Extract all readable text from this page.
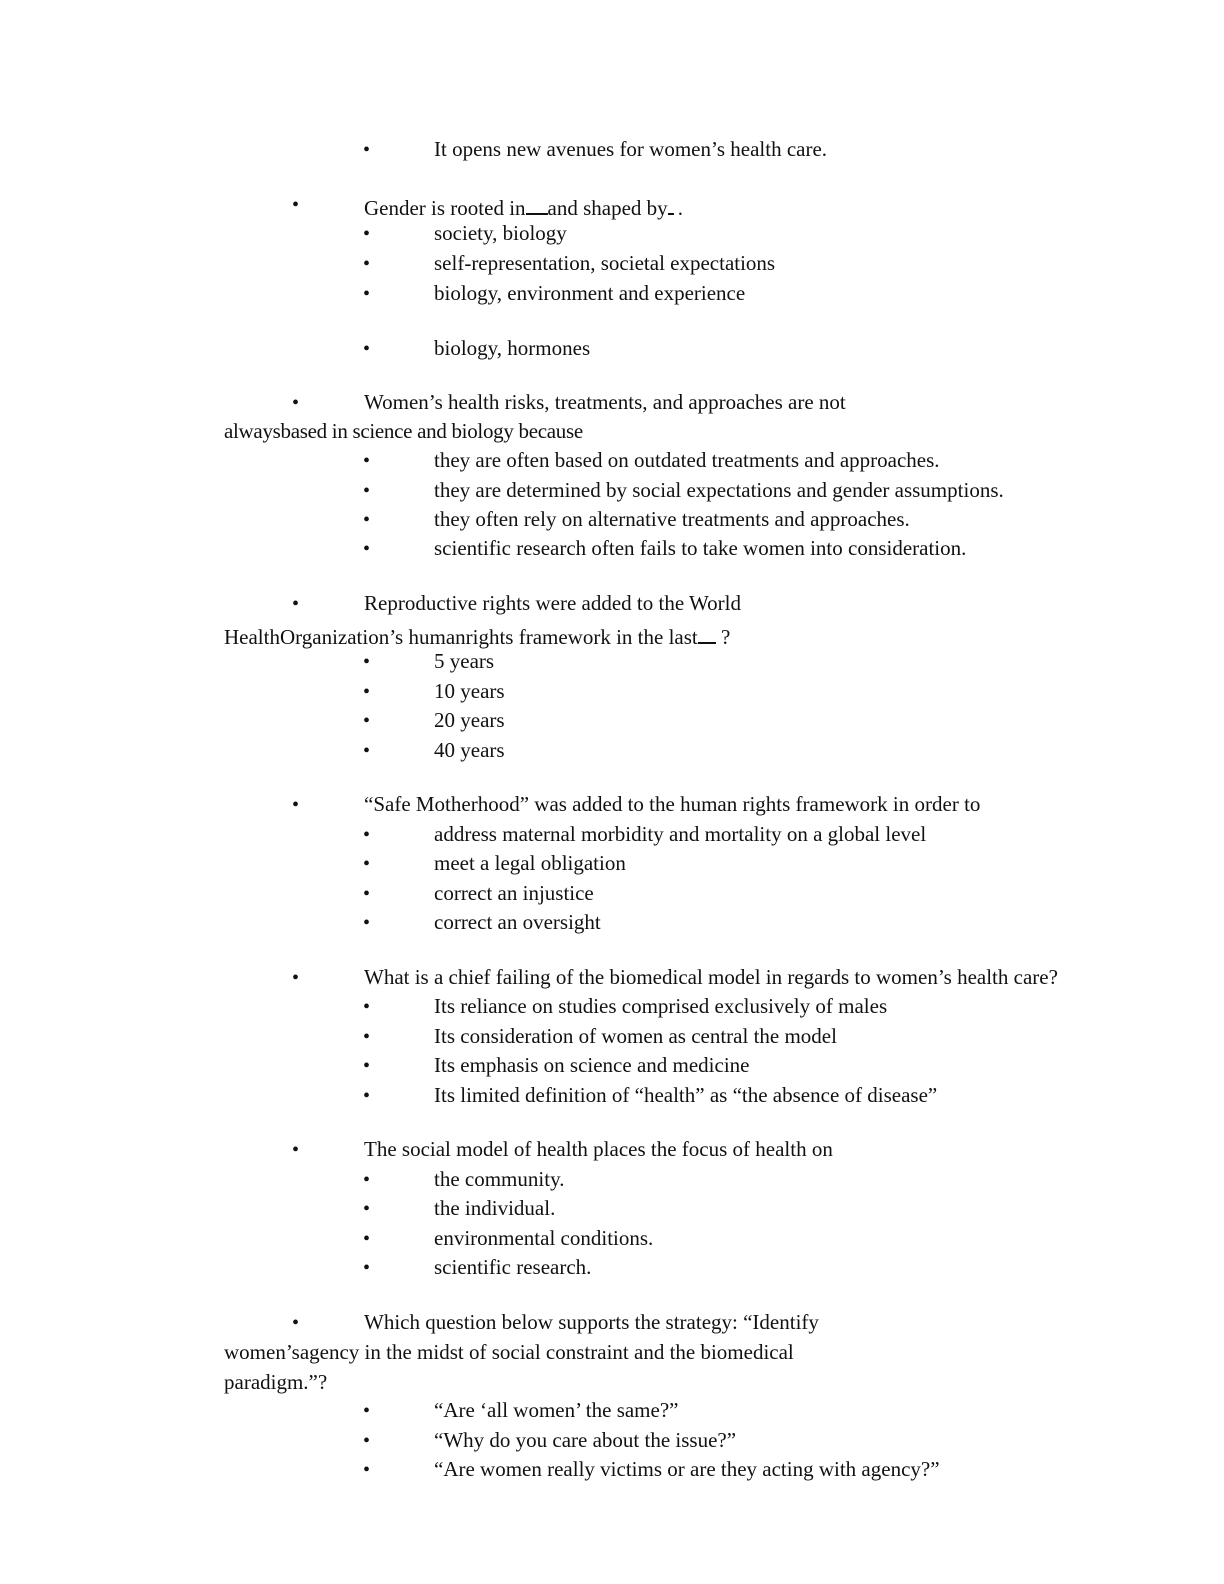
•	It opens new avenues for women’s health care.
•	Gender is rooted in and shaped by .
•	society, biology
•	self-representation, societal expectations
•	biology, environment and experience
•	biology, hormones
•	Women’s health risks, treatments, and approaches are not
alwaysbased in science and biology because
•	they are often based on outdated treatments and approaches.
•	they are determined by social expectations and gender assumptions.
•	they often rely on alternative treatments and approaches.
•	scientific research often fails to take women into consideration.
•	Reproductive rights were added to the World
HealthOrganization’s humanrights framework in the last ?
•	5 years
•	10 years
•	20 years
•	40 years
•	“Safe Motherhood” was added to the human rights framework in order to
•	address maternal morbidity and mortality on a global level
•	meet a legal obligation
•	correct an injustice
•	correct an oversight
•	What is a chief failing of the biomedical model in regards to women’s health care?
•	Its reliance on studies comprised exclusively of males
•	Its consideration of women as central the model
•	Its emphasis on science and medicine
•	Its limited definition of “health” as “the absence of disease”
•	The social model of health places the focus of health on
•	the community.
•	the individual.
•	environmental conditions.
•	scientific research.
•	Which question below supports the strategy: “Identify
women’sagency in the midst of social constraint and the biomedical
paradigm.”?
•	“Are ‘all women’ the same?”
•	“Why do you care about the issue?”
•	“Are women really victims or are they acting with agency?”
